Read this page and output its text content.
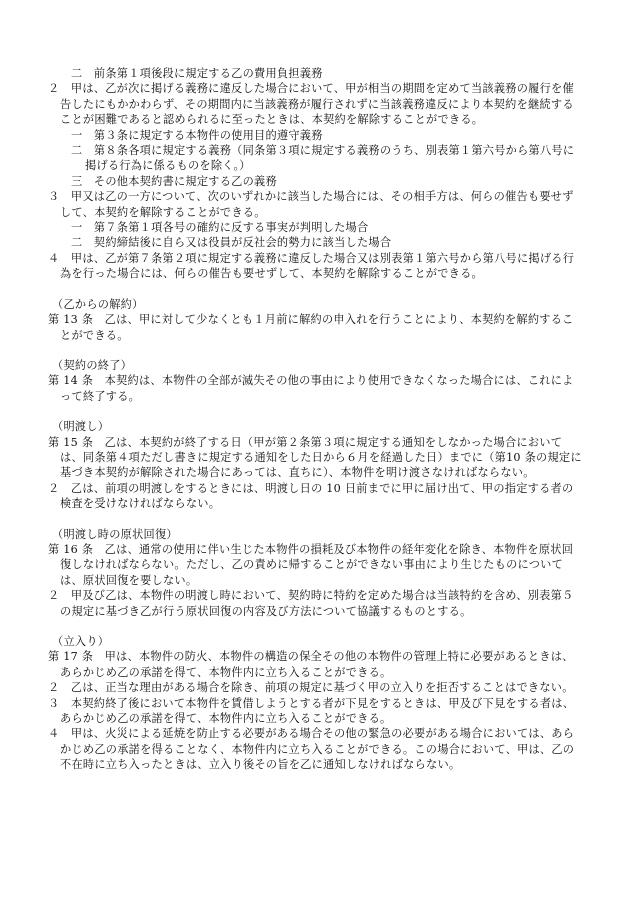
二　前条第１項後段に規定する乙の費用負担義務

２　甲は、乙が次に掲げる義務に違反した場合において、甲が相当の期間を定めて当該義務の履行を催告したにもかかわらず、その期間内に当該義務が履行されずに当該義務違反により本契約を継続することが困難であると認められるに至ったときは、本契約を解除することができる。

一　第３条に規定する本物件の使用目的遵守義務

二　第８条各項に規定する義務（同条第３項に規定する義務のうち、別表第１第六号から第八号に掲げる行為に係るものを除く。）

三　その他本契約書に規定する乙の義務

３　甲又は乙の一方について、次のいずれかに該当した場合には、その相手方は、何らの催告も要せずして、本契約を解除することができる。

一　第７条第１項各号の確約に反する事実が判明した場合

二　契約締結後に自ら又は役員が反社会的勢力に該当した場合

４　甲は、乙が第７条第２項に規定する義務に違反した場合又は別表第１第六号から第八号に掲げる行為を行った場合には、何らの催告も要せずして、本契約を解除することができる。

（乙からの解約）

第 13 条　乙は、甲に対して少なくとも１月前に解約の申入れを行うことにより、本契約を解約することができる。

（契約の終了）

第 14 条　本契約は、本物件の全部が滅失その他の事由により使用できなくなった場合には、これによって終了する。

（明渡し）

第 15 条　乙は、本契約が終了する日（甲が第２条第３項に規定する通知をしなかった場合においては、同条第４項ただし書きに規定する通知をした日から６月を経過した日）までに（第10 条の規定に基づき本契約が解除された場合にあっては、直ちに）、本物件を明け渡さなければならない。

２　乙は、前項の明渡しをするときには、明渡し日の 10 日前までに甲に届け出て、甲の指定する者の検査を受けなければならない。

（明渡し時の原状回復）

第 16 条　乙は、通常の使用に伴い生じた本物件の損耗及び本物件の経年変化を除き、本物件を原状回復しなければならない。ただし、乙の責めに帰することができない事由により生じたものについては、原状回復を要しない。

２　甲及び乙は、本物件の明渡し時において、契約時に特約を定めた場合は当該特約を含め、別表第５の規定に基づき乙が行う原状回復の内容及び方法について協議するものとする。

（立入り）

第 17 条　甲は、本物件の防火、本物件の構造の保全その他の本物件の管理上特に必要があるときは、あらかじめ乙の承諾を得て、本物件内に立ち入ることができる。

２　乙は、正当な理由がある場合を除き、前項の規定に基づく甲の立入りを拒否することはできない。

３　本契約終了後において本物件を賃借しようとする者が下見をするときは、甲及び下見をする者は、あらかじめ乙の承諾を得て、本物件内に立ち入ることができる。

４　甲は、火災による延焼を防止する必要がある場合その他の緊急の必要がある場合においては、あらかじめ乙の承諾を得ることなく、本物件内に立ち入ることができる。この場合において、甲は、乙の不在時に立ち入ったときは、立入り後その旨を乙に通知しなければならない。
